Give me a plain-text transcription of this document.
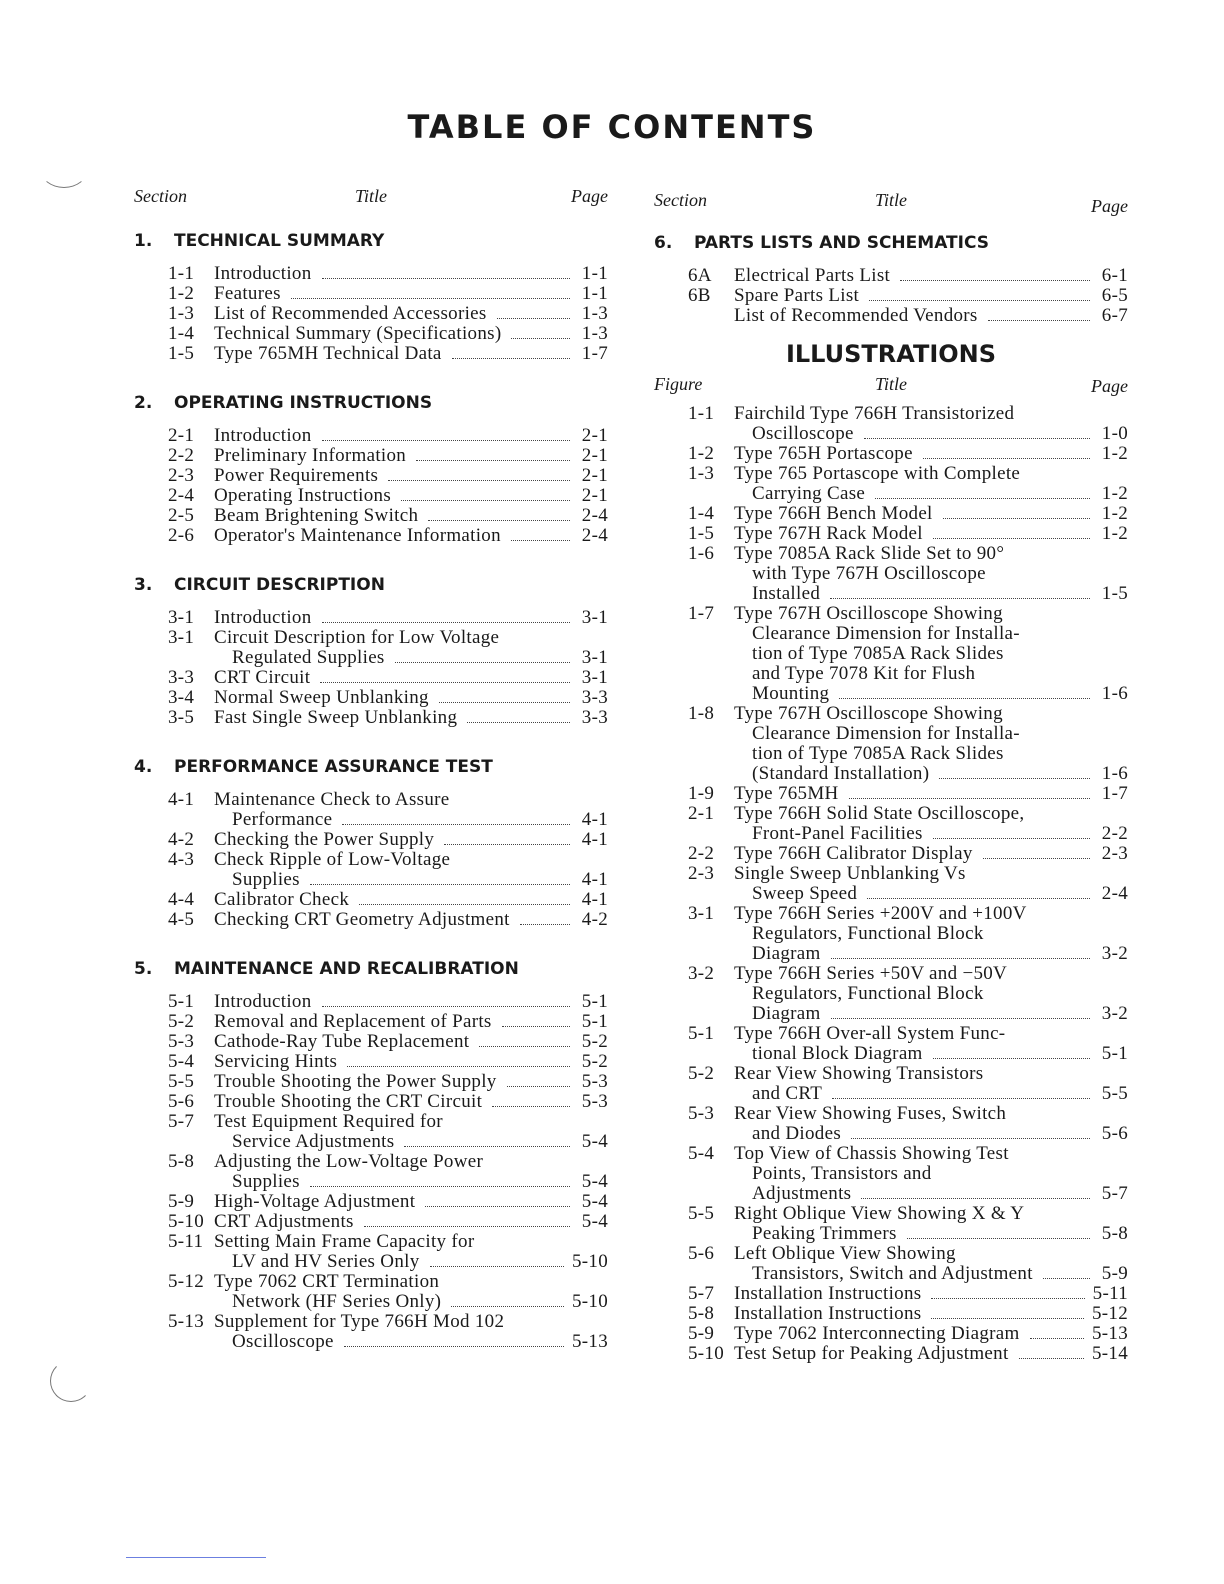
TABLE OF CONTENTS
Section	Title	Page
1. TECHNICAL SUMMARY
1-1	Introduction	1-1
1-2	Features	1-1
1-3	List of Recommended Accessories	1-3
1-4	Technical Summary (Specifications)	1-3
1-5	Type 765MH Technical Data	1-7
2. OPERATING INSTRUCTIONS
2-1	Introduction	2-1
2-2	Preliminary Information	2-1
2-3	Power Requirements	2-1
2-4	Operating Instructions	2-1
2-5	Beam Brightening Switch	2-4
2-6	Operator's Maintenance Information	2-4
3. CIRCUIT DESCRIPTION
3-1	Introduction	3-1
3-1	Circuit Description for Low Voltage
Regulated Supplies	3-1
3-3	CRT Circuit	3-1
3-4	Normal Sweep Unblanking	3-3
3-5	Fast Single Sweep Unblanking	3-3
4. PERFORMANCE ASSURANCE TEST
4-1	Maintenance Check to Assure
Performance	4-1
4-2	Checking the Power Supply	4-1
4-3	Check Ripple of Low-Voltage
Supplies	4-1
4-4	Calibrator Check	4-1
4-5	Checking CRT Geometry Adjustment	4-2
5. MAINTENANCE AND RECALIBRATION
5-1	Introduction	5-1
5-2	Removal and Replacement of Parts	5-1
5-3	Cathode-Ray Tube Replacement	5-2
5-4	Servicing Hints	5-2
5-5	Trouble Shooting the Power Supply	5-3
5-6	Trouble Shooting the CRT Circuit	5-3
5-7	Test Equipment Required for
Service Adjustments	5-4
5-8	Adjusting the Low-Voltage Power
Supplies	5-4
5-9	High-Voltage Adjustment	5-4
5-10 CRT Adjustments	5-4
5-11 Setting Main Frame Capacity for
LV and HV Series Only	5-10
5-12 Type 7062 CRT Termination
Network (HF Series Only)	5-10
5-13 Supplement for Type 766H Mod 102
Oscilloscope	5-13
Section	Title	Page
6. PARTS LISTS AND SCHEMATICS
6A	Electrical Parts List	6-1
6B	Spare Parts List	6-5
List of Recommended Vendors	6-7
ILLUSTRATIONS
Figure	Title	Page
1-1	Fairchild Type 766H Transistorized
Oscilloscope	1-0
1-2	Type 765H Portascope	1-2
1-3	Type 765 Portascope with Complete
Carrying Case	1-2
1-4	Type 766H Bench Model	1-2
1-5	Type 767H Rack Model	1-2
1-6	Type 7085A Rack Slide Set to 90°
with Type 767H Oscilloscope
Installed	1-5
1-7	Type 767H Oscilloscope Showing
Clearance Dimension for Installa-
tion of Type 7085A Rack Slides
and Type 7078 Kit for Flush
Mounting	1-6
1-8	Type 767H Oscilloscope Showing
Clearance Dimension for Installa-
tion of Type 7085A Rack Slides
(Standard Installation)	1-6
1-9	Type 765MH	1-7
2-1	Type 766H Solid State Oscilloscope,
Front-Panel Facilities	2-2
2-2	Type 766H Calibrator Display	2-3
2-3	Single Sweep Unblanking Vs
Sweep Speed	2-4
3-1	Type 766H Series +200V and +100V
Regulators, Functional Block
Diagram	3-2
3-2	Type 766H Series +50V and −50V
Regulators, Functional Block
Diagram	3-2
5-1	Type 766H Over-all System Func-
tional Block Diagram	5-1
5-2	Rear View Showing Transistors
and CRT	5-5
5-3	Rear View Showing Fuses, Switch
and Diodes	5-6
5-4	Top View of Chassis Showing Test
Points, Transistors and
Adjustments	5-7
5-5	Right Oblique View Showing X & Y
Peaking Trimmers	5-8
5-6	Left Oblique View Showing
Transistors, Switch and Adjustment	5-9
5-7	Installation Instructions	5-11
5-8	Installation Instructions	5-12
5-9	Type 7062 Interconnecting Diagram	5-13
5-10 Test Setup for Peaking Adjustment	5-14
